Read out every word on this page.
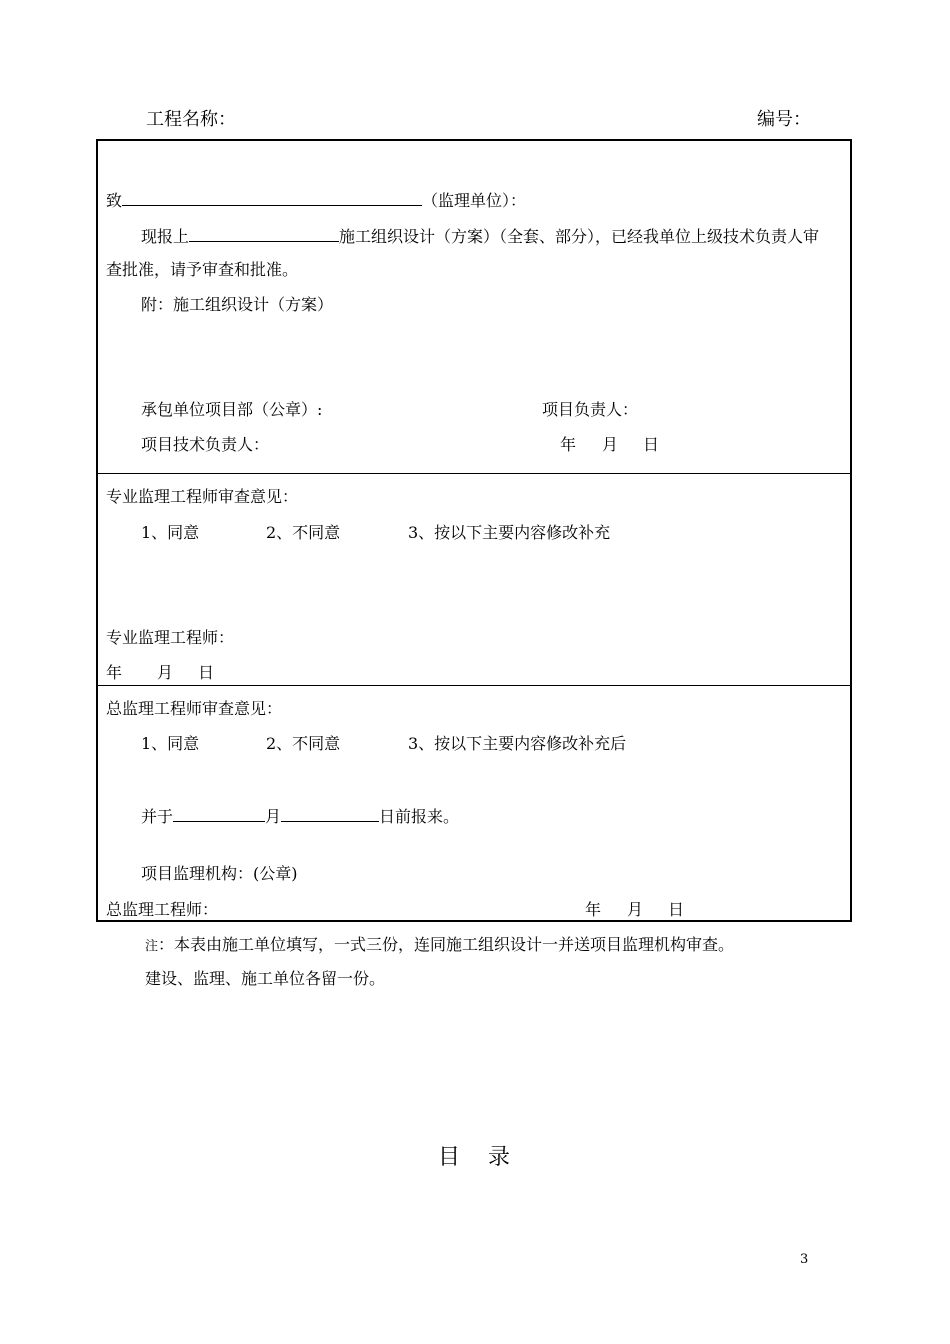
工程名称：	编号：
致	（监理单位）：
现报上	施工组织设计（方案）（全套、部分），已经我单位上级技术负责人审
查批准，请予审查和批准。
附：施工组织设计（方案）
承包单位项目部（公章）:	项目负责人：
项目技术负责人：	年 月 日
专业监理工程师审查意见：
1、同意	2、不同意	3、按以下主要内容修改补充
专业监理工程师：
年 月 日
总监理工程师审查意见：
1、同意	2、不同意	3、按以下主要内容修改补充后
并于	月	日前报来。
项目监理机构：(公章)
总监理工程师：	年 月 日
注：本表由施工单位填写，一式三份，连同施工组织设计一并送项目监理机构审查。
建设、监理、施工单位各留一份。
目    录
3
